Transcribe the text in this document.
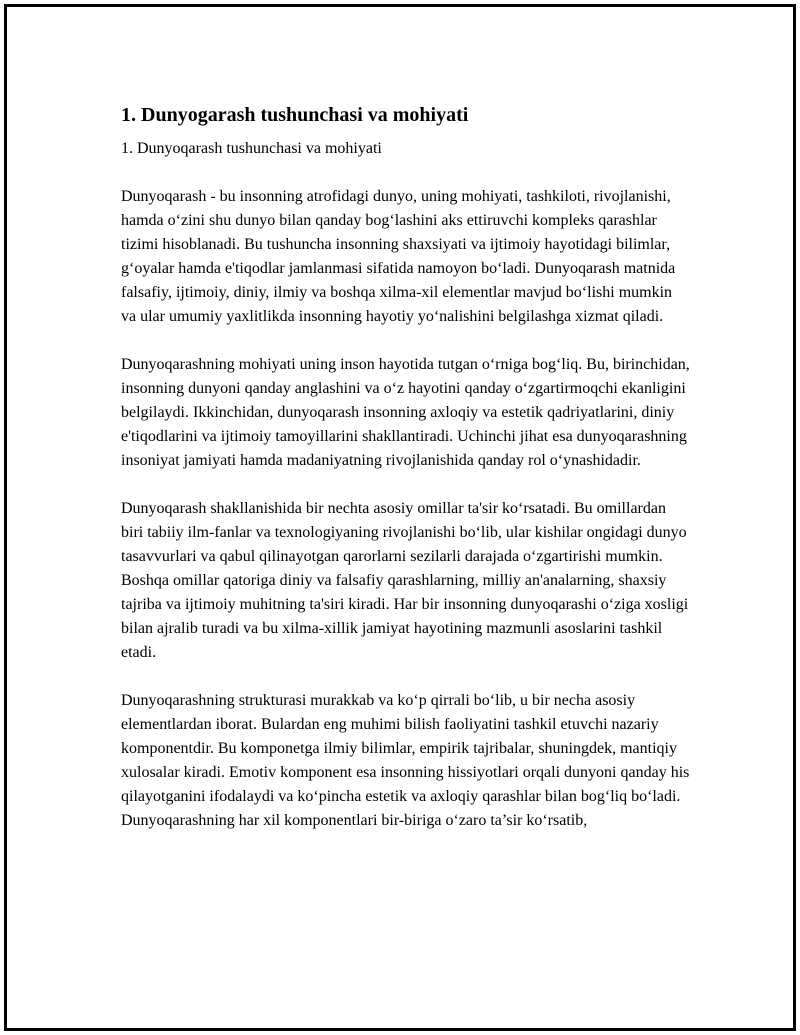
1. Dunyogarash tushunchasi va mohiyati
1. Dunyoqarash tushunchasi va mohiyati

Dunyoqarash - bu insonning atrofidagi dunyo, uning mohiyati, tashkiloti, rivojlanishi, hamda o‘zini shu dunyo bilan qanday bog‘lashini aks ettiruvchi kompleks qarashlar tizimi hisoblanadi. Bu tushuncha insonning shaxsiyati va ijtimoiy hayotidagi bilimlar, g‘oyalar hamda e'tiqodlar jamlanmasi sifatida namoyon bo‘ladi. Dunyoqarash matnida falsafiy, ijtimoiy, diniy, ilmiy va boshqa xilma-xil elementlar mavjud bo‘lishi mumkin va ular umumiy yaxlitlikda insonning hayotiy yo‘nalishini belgilashga xizmat qiladi.

Dunyoqarashning mohiyati uning inson hayotida tutgan o‘rniga bog‘liq. Bu, birinchidan, insonning dunyoni qanday anglashini va o‘z hayotini qanday o‘zgartirmoqchi ekanligini belgilaydi. Ikkinchidan, dunyoqarash insonning axloqiy va estetik qadriyatlarini, diniy e'tiqodlarini va ijtimoiy tamoyillarini shakllantiradi. Uchinchi jihat esa dunyoqarashning insoniyat jamiyati hamda madaniyatning rivojlanishida qanday rol o‘ynashidadir.

Dunyoqarash shakllanishida bir nechta asosiy omillar ta'sir ko‘rsatadi. Bu omillardan biri tabiiy ilm-fanlar va texnologiyaning rivojlanishi bo‘lib, ular kishilar ongidagi dunyo tasavvurlari va qabul qilinayotgan qarorlarni sezilarli darajada o‘zgartirishi mumkin. Boshqa omillar qatoriga diniy va falsafiy qarashlarning, milliy an'analarning, shaxsiy tajriba va ijtimoiy muhitning ta'siri kiradi. Har bir insonning dunyoqarashi o‘ziga xosligi bilan ajralib turadi va bu xilma-xillik jamiyat hayotining mazmunli asoslarini tashkil etadi.

Dunyoqarashning strukturasi murakkab va ko‘p qirrali bo‘lib, u bir necha asosiy elementlardan iborat. Bulardan eng muhimi bilish faoliyatini tashkil etuvchi nazariy komponentdir. Bu komponetga ilmiy bilimlar, empirik tajribalar, shuningdek, mantiqiy xulosalar kiradi. Emotiv komponent esa insonning hissiyotlari orqali dunyoni qanday his qilayotganini ifodalaydi va ko‘pincha estetik va axloqiy qarashlar bilan bog‘liq bo‘ladi. Dunyoqarashning har xil komponentlari bir-biriga o‘zaro ta’sir ko‘rsatib,
